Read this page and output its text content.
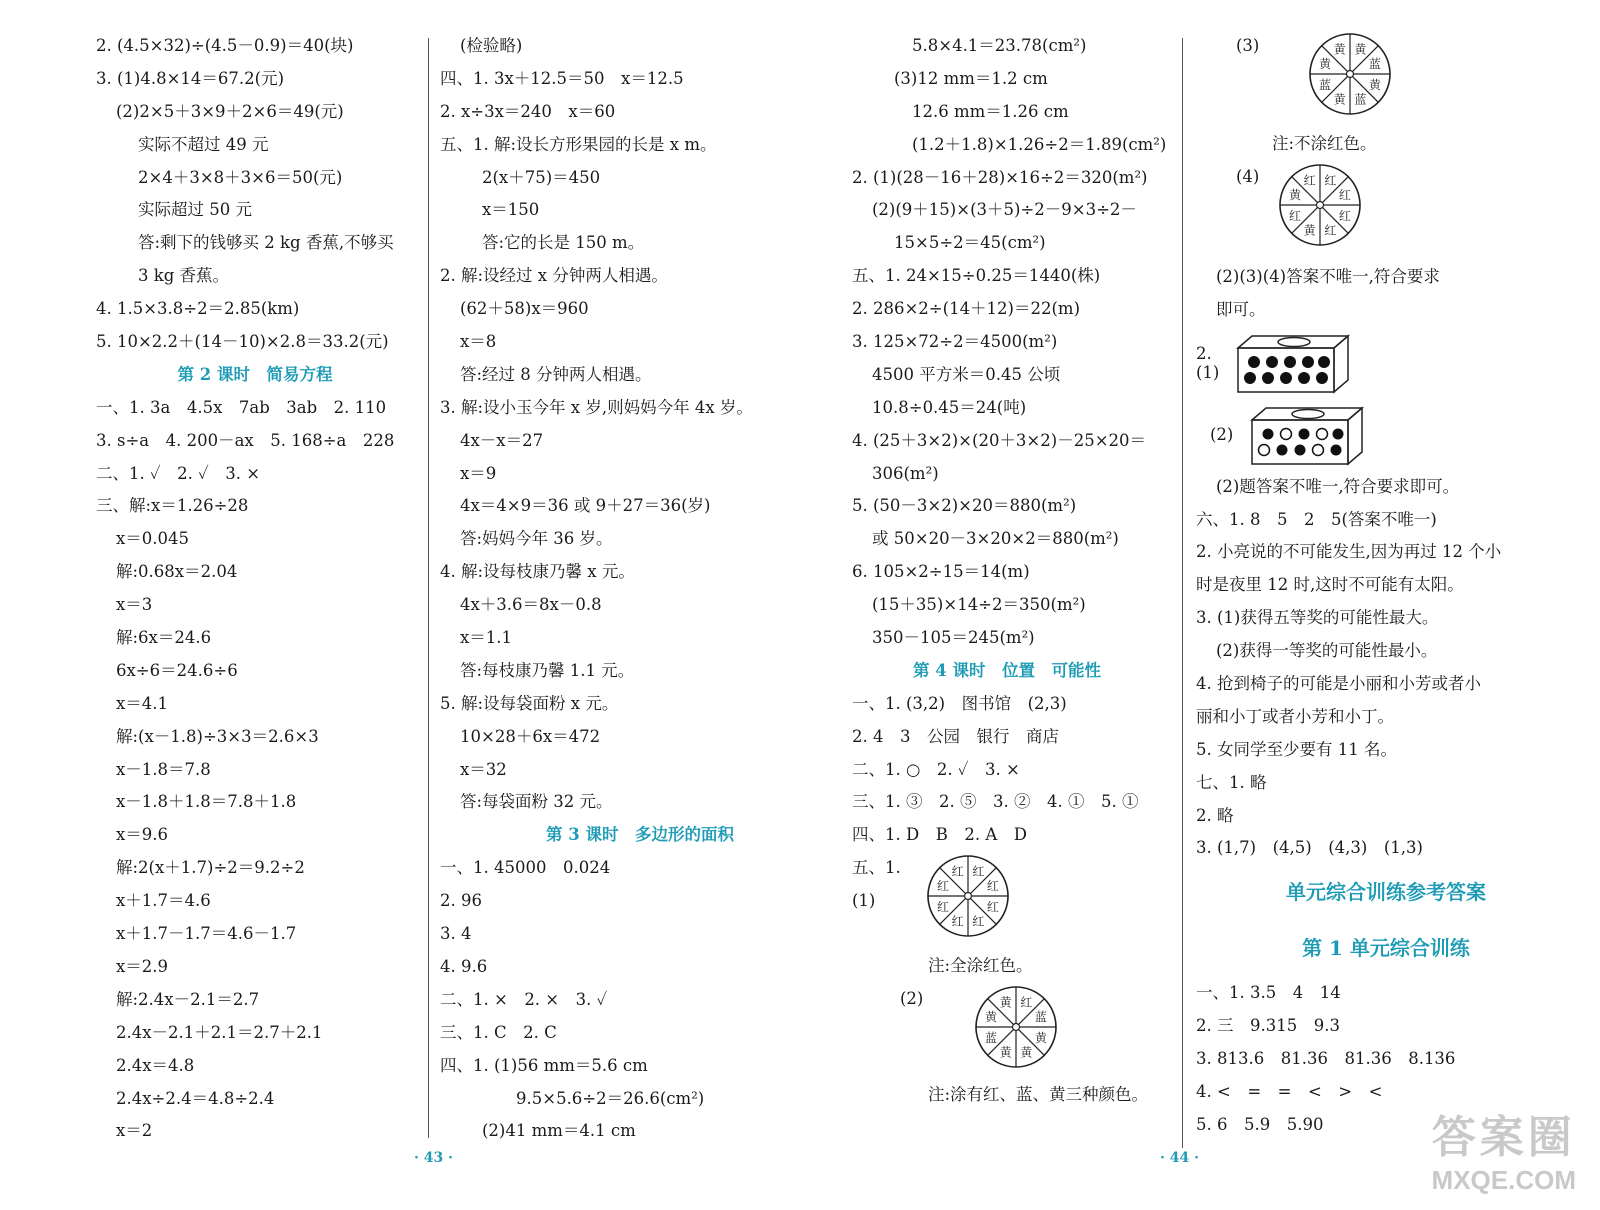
2. (4.5×32)÷(4.5－0.9)＝40(块)
3. (1)4.8×14＝67.2(元)
(2)2×5＋3×9＋2×6＝49(元)
实际不超过 49 元
2×4＋3×8＋3×6＝50(元)
实际超过 50 元
答:剩下的钱够买 2 kg 香蕉,不够买
3 kg 香蕉。
4. 1.5×3.8÷2＝2.85(km)
5. 10×2.2＋(14－10)×2.8＝33.2(元)
第 2 课时　简易方程
一、1. 3a　4.5x　7ab　3ab　2. 110
3. s÷a　4. 200－ax　5. 168÷a　228
二、1. ✓　2. ✓　3. ×
三、解:x＝1.26÷28
x＝0.045
解:0.68x＝2.04
x＝3
解:6x＝24.6
6x÷6＝24.6÷6
x＝4.1
解:(x－1.8)÷3×3＝2.6×3
x－1.8＝7.8
x－1.8＋1.8＝7.8＋1.8
x＝9.6
解:2(x＋1.7)÷2＝9.2÷2
x＋1.7＝4.6
x＋1.7－1.7＝4.6－1.7
x＝2.9
解:2.4x－2.1＝2.7
2.4x－2.1＋2.1＝2.7＋2.1
2.4x＝4.8
2.4x÷2.4＝4.8÷2.4
x＝2
(检验略)
四、1. 3x＋12.5＝50　x＝12.5
2. x÷3x＝240　x＝60
五、1. 解:设长方形果园的长是 x m。
2(x＋75)＝450
x＝150
答:它的长是 150 m。
2. 解:设经过 x 分钟两人相遇。
(62＋58)x＝960
x＝8
答:经过 8 分钟两人相遇。
3. 解:设小玉今年 x 岁,则妈妈今年 4x 岁。
4x－x＝27
x＝9
4x＝4×9＝36 或 9＋27＝36(岁)
答:妈妈今年 36 岁。
4. 解:设每枝康乃馨 x 元。
4x＋3.6＝8x－0.8
x＝1.1
答:每枝康乃馨 1.1 元。
5. 解:设每袋面粉 x 元。
10×28＋6x＝472
x＝32
答:每袋面粉 32 元。
第 3 课时　多边形的面积
一、1. 45000　0.024
2. 96
3. 4
4. 9.6
二、1. ×　2. ×　3. ✓
三、1. C　2. C
四、1. (1)56 mm＝5.6 cm
9.5×5.6÷2＝26.6(cm²)
(2)41 mm＝4.1 cm
5.8×4.1＝23.78(cm²)
(3)12 mm＝1.2 cm
12.6 mm＝1.26 cm
(1.2＋1.8)×1.26÷2＝1.89(cm²)
2. (1)(28－16＋28)×16÷2＝320(m²)
(2)(9＋15)×(3＋5)÷2－9×3÷2－
15×5÷2＝45(cm²)
五、1. 24×15÷0.25＝1440(株)
2. 286×2÷(14＋12)＝22(m)
3. 125×72÷2＝4500(m²)
4500 平方米＝0.45 公顷
10.8÷0.45＝24(吨)
4. (25＋3×2)×(20＋3×2)－25×20＝
306(m²)
5. (50－3×2)×20＝880(m²)
或 50×20－3×20×2＝880(m²)
6. 105×2÷15＝14(m)
(15＋35)×14÷2＝350(m²)
350－105＝245(m²)
第 4 课时　位置　可能性
一、1. (3,2)　图书馆　(2,3)
2. 4　3　公园　银行　商店
二、1. ○　2. ✓　3. ×
三、1. ③　2. ⑤　3. ②　4. ①　5. ①
四、1. D　B　2. A　D
五、1. (1)
红
红
红
红
红
红
红
红
注:全涂红色。
(2)	红
蓝
黄
黄
黄
蓝
黄
黄
注:涂有红、蓝、黄三种颜色。
(3)	黄
蓝
黄
蓝
黄
蓝
黄
黄
注:不涂红色。
(4)	红
红
红
红
黄
红
黄
红
(2)(3)(4)答案不唯一,符合要求
即可。
2. (1)
(2)
(2)题答案不唯一,符合要求即可。
六、1. 8　5　2　5(答案不唯一)
2. 小亮说的不可能发生,因为再过 12 个小
时是夜里 12 时,这时不可能有太阳。
3. (1)获得五等奖的可能性最大。
(2)获得一等奖的可能性最小。
4. 抢到椅子的可能是小丽和小芳或者小
丽和小丁或者小芳和小丁。
5. 女同学至少要有 11 名。
七、1. 略
2. 略
3. (1,7)　(4,5)　(4,3)　(1,3)
单元综合训练参考答案
第 1 单元综合训练
一、1. 3.5　4　14
2. 三　9.315　9.3
3. 813.6　81.36　81.36　8.136
4. <　=　=　<　>　<
5. 6　5.9　5.90
· 43 ·	· 44 ·	答案圈
MXQE.COM
